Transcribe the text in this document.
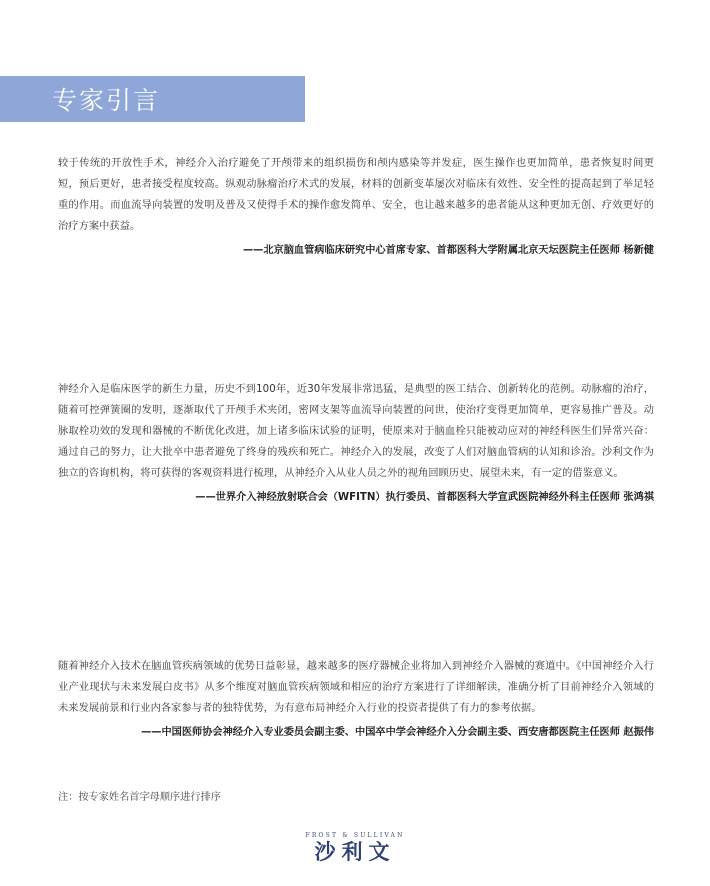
专家引言

较于传统的开放性手术，神经介入治疗避免了开颅带来的组织损伤和颅内感染等并发症，医生操作也更加简单，患者恢复时间更短，预后更好，患者接受程度较高。纵观动脉瘤治疗术式的发展，材料的创新变革屡次对临床有效性、安全性的提高起到了举足轻重的作用。而血流导向装置的发明及普及又使得手术的操作愈发简单、安全，也让越来越多的患者能从这种更加无创、疗效更好的治疗方案中获益。

——北京脑血管病临床研究中心首席专家、首都医科大学附属北京天坛医院主任医师 杨新健

神经介入是临床医学的新生力量，历史不到100年，近30年发展非常迅猛，是典型的医工结合、创新转化的范例。动脉瘤的治疗，随着可控弹簧圈的发明，逐渐取代了开颅手术夹闭，密网支架等血流导向装置的问世，使治疗变得更加简单，更容易推广普及。动脉取栓功效的发现和器械的不断优化改进，加上诸多临床试验的证明，使原来对于脑血栓只能被动应对的神经科医生们异常兴奋：通过自己的努力，让大批卒中患者避免了终身的残疾和死亡。神经介入的发展，改变了人们对脑血管病的认知和诊治。沙利文作为独立的咨询机构，将可获得的客观资料进行梳理，从神经介入从业人员之外的视角回顾历史、展望未来，有一定的借鉴意义。

——世界介入神经放射联合会（WFITN）执行委员、首都医科大学宣武医院神经外科主任医师 张鸿祺

随着神经介入技术在脑血管疾病领域的优势日益彰显，越来越多的医疗器械企业将加入到神经介入器械的赛道中。《中国神经介入行业产业现状与未来发展白皮书》从多个维度对脑血管疾病领域和相应的治疗方案进行了详细解读，准确分析了目前神经介入领域的未来发展前景和行业内各家参与者的独特优势，为有意布局神经介入行业的投资者提供了有力的参考依据。

——中国医师协会神经介入专业委员会副主委、中国卒中学会神经介入分会副主委、西安唐都医院主任医师 赵振伟

注：按专家姓名首字母顺序进行排序

FROST & SULLIVAN
沙利文
